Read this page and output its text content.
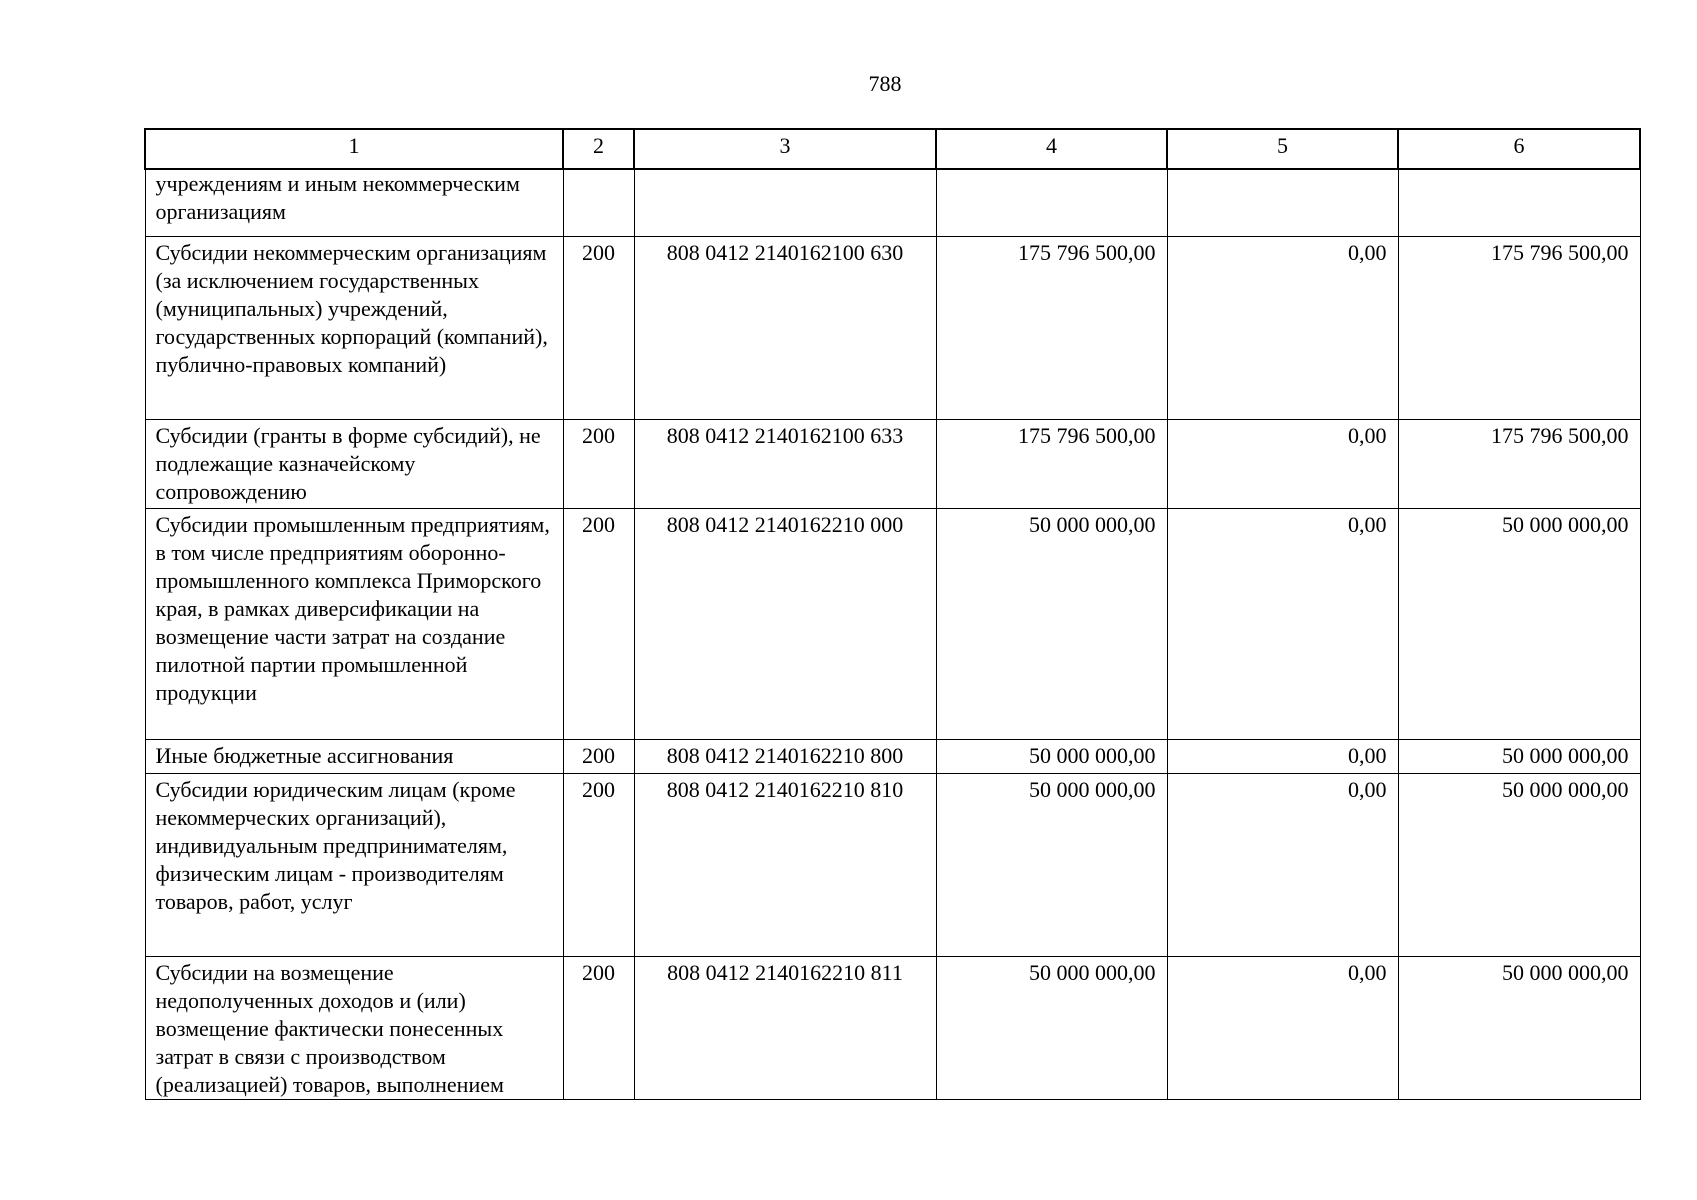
788
1	2	3	4	5	6
учреждениям и иным некоммерческим организациям					
Субсидии некоммерческим организациям (за исключением государственных (муниципальных) учреждений, государственных корпораций (компаний), публично-правовых компаний)	200	808 0412 2140162100 630	175 796 500,00	0,00	175 796 500,00
Субсидии (гранты в форме субсидий), не подлежащие казначейскому сопровождению	200	808 0412 2140162100 633	175 796 500,00	0,00	175 796 500,00
Субсидии промышленным предприятиям, в том числе предприятиям оборонно-промышленного комплекса Приморского края, в рамках диверсификации на возмещение части затрат на создание пилотной партии промышленной продукции	200	808 0412 2140162210 000	50 000 000,00	0,00	50 000 000,00
Иные бюджетные ассигнования	200	808 0412 2140162210 800	50 000 000,00	0,00	50 000 000,00
Субсидии юридическим лицам (кроме некоммерческих организаций), индивидуальным предпринимателям, физическим лицам - производителям товаров, работ, услуг	200	808 0412 2140162210 810	50 000 000,00	0,00	50 000 000,00
Субсидии на возмещение недополученных доходов и (или) возмещение фактически понесенных затрат в связи с производством (реализацией) товаров, выполнением	200	808 0412 2140162210 811	50 000 000,00	0,00	50 000 000,00
